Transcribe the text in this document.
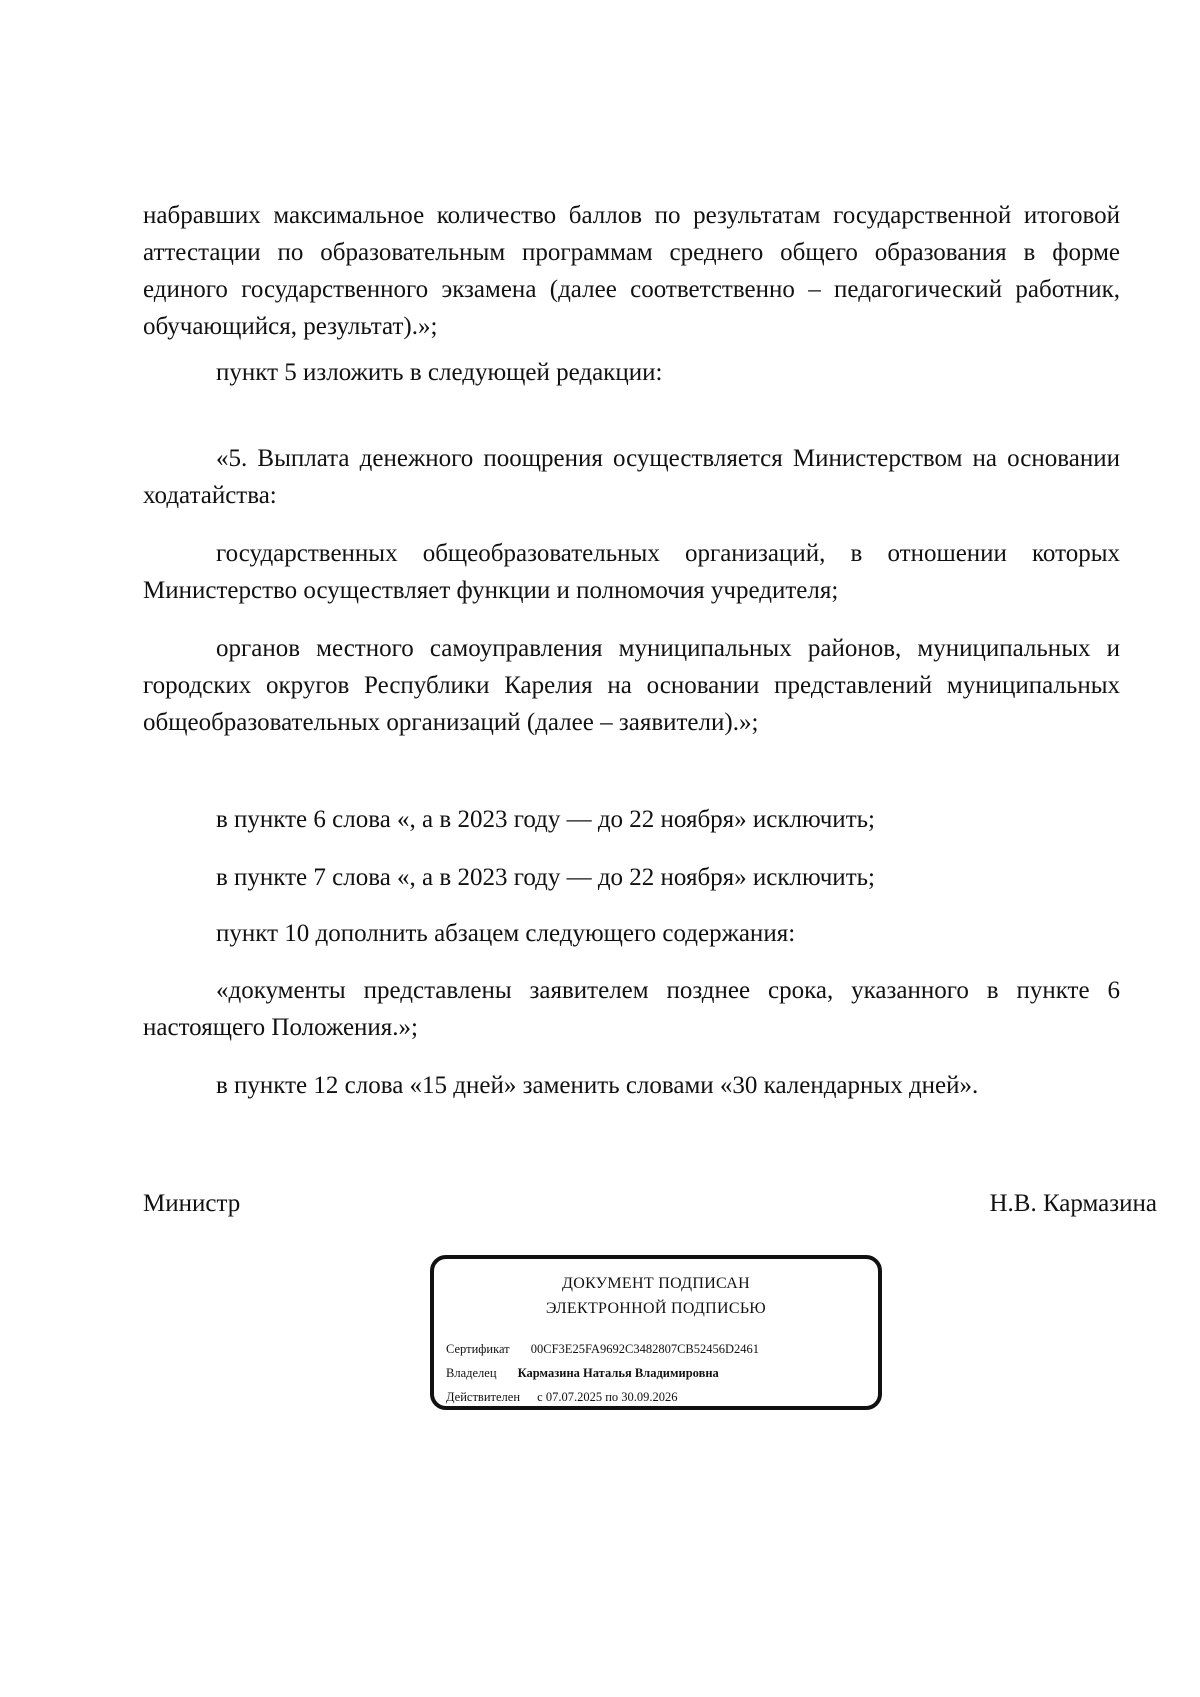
набравших максимальное количество баллов по результатам государственной итоговой аттестации по образовательным программам среднего общего образования в форме единого государственного экзамена (далее соответственно – педагогический работник, обучающийся, результат).»;

пункт 5 изложить в следующей редакции:

«5. Выплата денежного поощрения осуществляется Министерством на основании ходатайства:

государственных общеобразовательных организаций, в отношении которых Министерство осуществляет функции и полномочия учредителя;

органов местного самоуправления муниципальных районов, муниципальных и городских округов Республики Карелия на основании представлений муниципальных общеобразовательных организаций (далее – заявители).»;

в пункте 6 слова «, а в 2023 году — до 22 ноября» исключить;

в пункте 7 слова «, а в 2023 году — до 22 ноября» исключить;

пункт 10 дополнить абзацем следующего содержания:

«документы представлены заявителем позднее срока, указанного в пункте 6 настоящего Положения.»;

в пункте 12 слова «15 дней» заменить словами «30 календарных дней».

Министр	Н.В. Кармазина
ДОКУМЕНТ ПОДПИСАН
ЭЛЕКТРОННОЙ ПОДПИСЬЮ
Сертификат 00CF3E25FA9692C3482807CB52456D2461
Владелец Кармазина Наталья Владимировна
Действителен с 07.07.2025 по 30.09.2026
